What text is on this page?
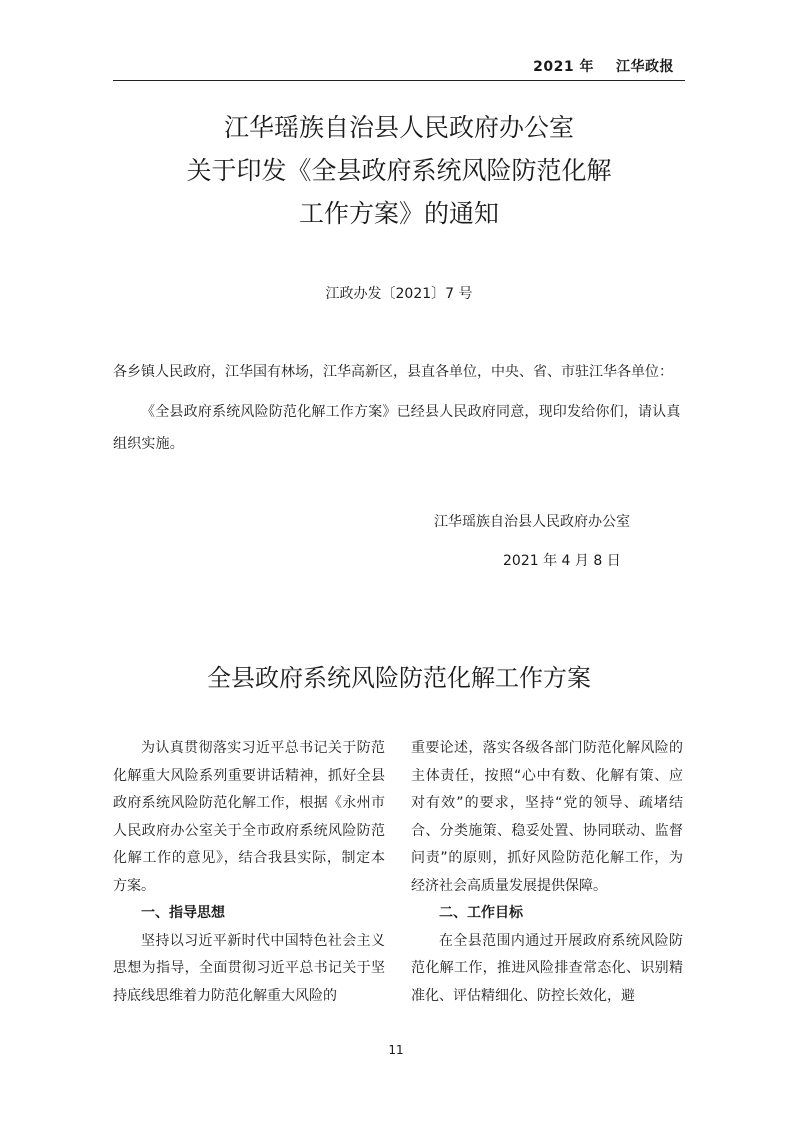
2021 年 江华政报
江华瑶族自治县人民政府办公室
关于印发《全县政府系统风险防范化解
工作方案》的通知
江政办发〔2021〕7 号
各乡镇人民政府，江华国有林场，江华高新区，县直各单位，中央、省、市驻江华各单位：
《全县政府系统风险防范化解工作方案》已经县人民政府同意，现印发给你们，请认真组织实施。
江华瑶族自治县人民政府办公室
2021 年 4 月 8 日
全县政府系统风险防范化解工作方案

为认真贯彻落实习近平总书记关于防范化解重大风险系列重要讲话精神，抓好全县政府系统风险防范化解工作，根据《永州市人民政府办公室关于全市政府系统风险防范化解工作的意见》，结合我县实际，制定本方案。

一、指导思想

坚持以习近平新时代中国特色社会主义思想为指导，全面贯彻习近平总书记关于坚持底线思维着力防范化解重大风险的

重要论述，落实各级各部门防范化解风险的主体责任，按照“心中有数、化解有策、应对有效”的要求，坚持“党的领导、疏堵结合、分类施策、稳妥处置、协同联动、监督问责”的原则，抓好风险防范化解工作，为经济社会高质量发展提供保障。

二、工作目标

在全县范围内通过开展政府系统风险防范化解工作，推进风险排查常态化、识别精准化、评估精细化、防控长效化，避

11
